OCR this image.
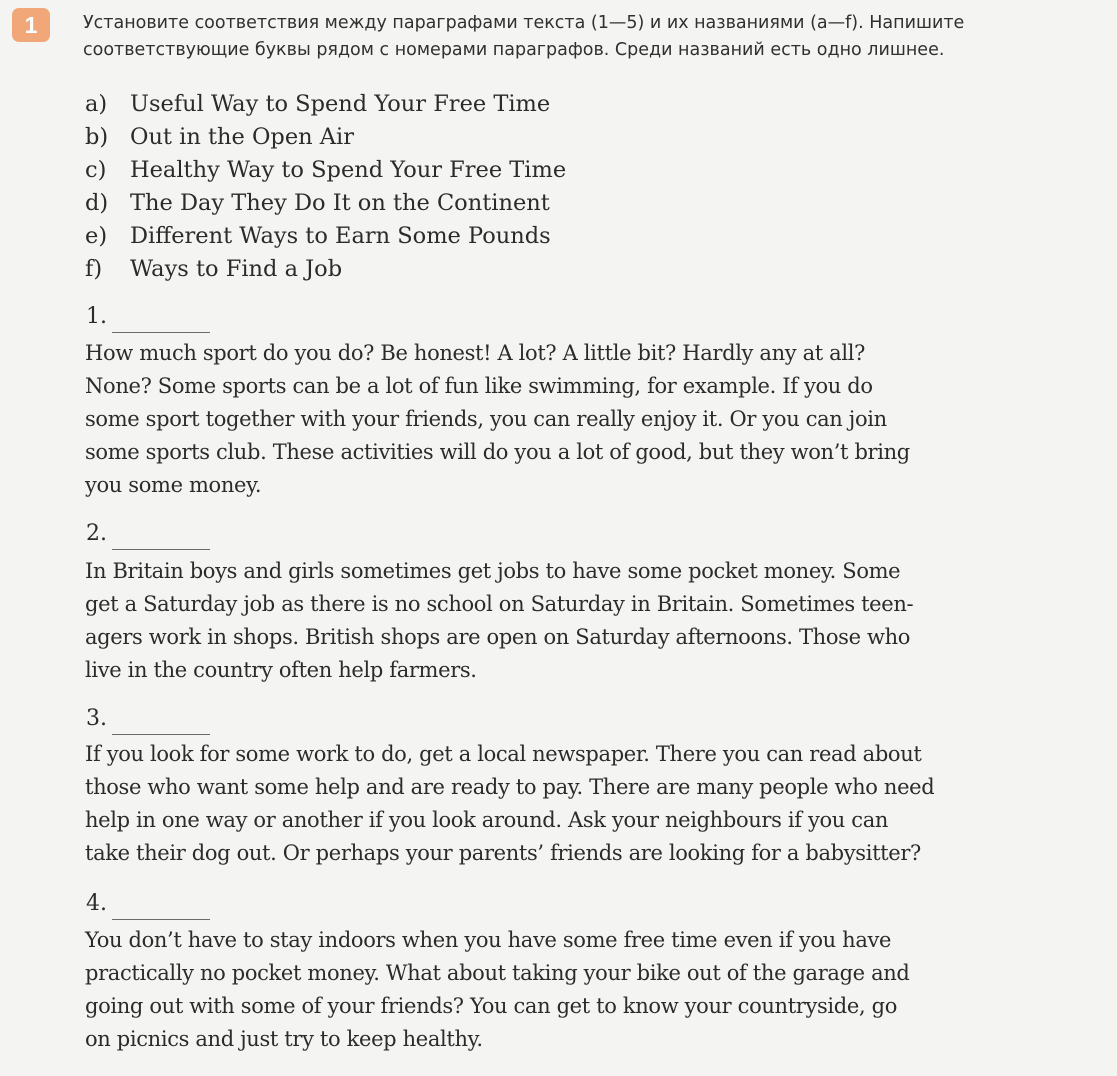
1	Установите соответствия между параграфами текста (1—5) и их названиями (a—f). Напишите
соответствующие буквы рядом с номерами параграфов. Среди названий есть одно лишнее.
a) Useful Way to Spend Your Free Time
b) Out in the Open Air
c) Healthy Way to Spend Your Free Time
d) The Day They Do It on the Continent
e) Different Ways to Earn Some Pounds
f) Ways to Find a Job
1.
How much sport do you do? Be honest! A lot? A little bit? Hardly any at all?
None? Some sports can be a lot of fun like swimming, for example. If you do
some sport together with your friends, you can really enjoy it. Or you can join
some sports club. These activities will do you a lot of good, but they won’t bring
you some money.
2.
In Britain boys and girls sometimes get jobs to have some pocket money. Some
get a Saturday job as there is no school on Saturday in Britain. Sometimes teen-
agers work in shops. British shops are open on Saturday afternoons. Those who
live in the country often help farmers.
3.
If you look for some work to do, get a local newspaper. There you can read about
those who want some help and are ready to pay. There are many people who need
help in one way or another if you look around. Ask your neighbours if you can
take their dog out. Or perhaps your parents’ friends are looking for a babysitter?
4.
You don’t have to stay indoors when you have some free time even if you have
practically no pocket money. What about taking your bike out of the garage and
going out with some of your friends? You can get to know your countryside, go
on picnics and just try to keep healthy.
